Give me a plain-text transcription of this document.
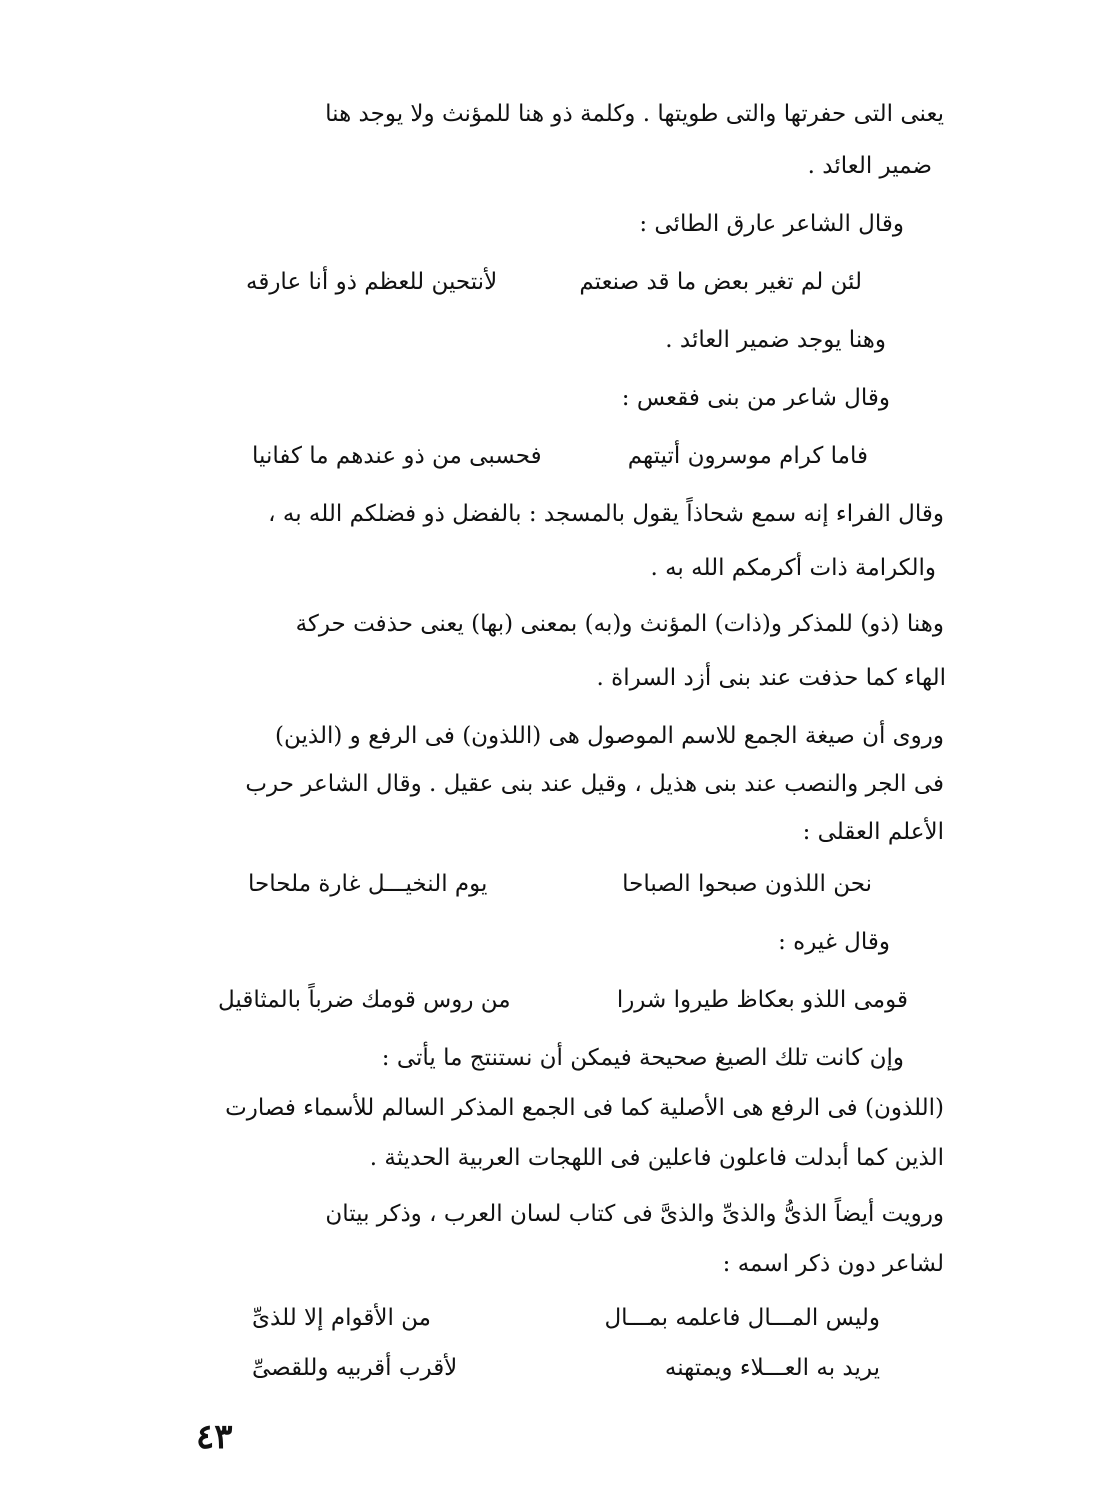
يعنى التى حفرتها والتى طويتها . وكلمة ذو هنا للمؤنث ولا يوجد هنا
ضمير العائد .
وقال الشاعر عارق الطائى :
لئن لم تغير بعض ما قد صنعتم
لأنتحين للعظم ذو أنا عارقه
وهنا يوجد ضمير العائد .
وقال شاعر من بنى فقعس :
فاما كرام موسرون أتيتهم
فحسبى من ذو عندهم ما كفانيا
وقال الفراء إنه سمع شحاذاً يقول بالمسجد : بالفضل ذو فضلكم الله به ،
والكرامة ذات أكرمكم الله به .
وهنا (ذو) للمذكر و(ذات) المؤنث و(به) بمعنى (بها) يعنى حذفت حركة
الهاء كما حذفت عند بنى أزد السراة .
وروى أن صيغة الجمع للاسم الموصول هى (اللذون) فى الرفع و (الذين)
فى الجر والنصب عند بنى هذيل ، وقيل عند بنى عقيل . وقال الشاعر حرب
الأعلم العقلى :
نحن اللذون صبحوا الصباحا
يوم النخيـــل غارة ملحاحا
وقال غيره :
قومى اللذو بعكاظ طيروا شررا
من روس قومك ضرباً بالمثاقيل
وإن كانت تلك الصيغ صحيحة فيمكن أن نستنتج ما يأتى :
(اللذون) فى الرفع هى الأصلية كما فى الجمع المذكر السالم للأسماء فصارت
الذين كما أبدلت فاعلون فاعلين فى اللهجات العربية الحديثة .
ورويت أيضاً الذىُّ والذىِّ والذىَّ فى كتاب لسان العرب ، وذكر بيتان
لشاعر دون ذكر اسمه :
وليس المـــال فاعلمه بمـــال
من الأقوام إلا للذىِّ
يريد به العـــلاء ويمتهنه
لأقرب أقربيه وللقصىِّ
٤٣
